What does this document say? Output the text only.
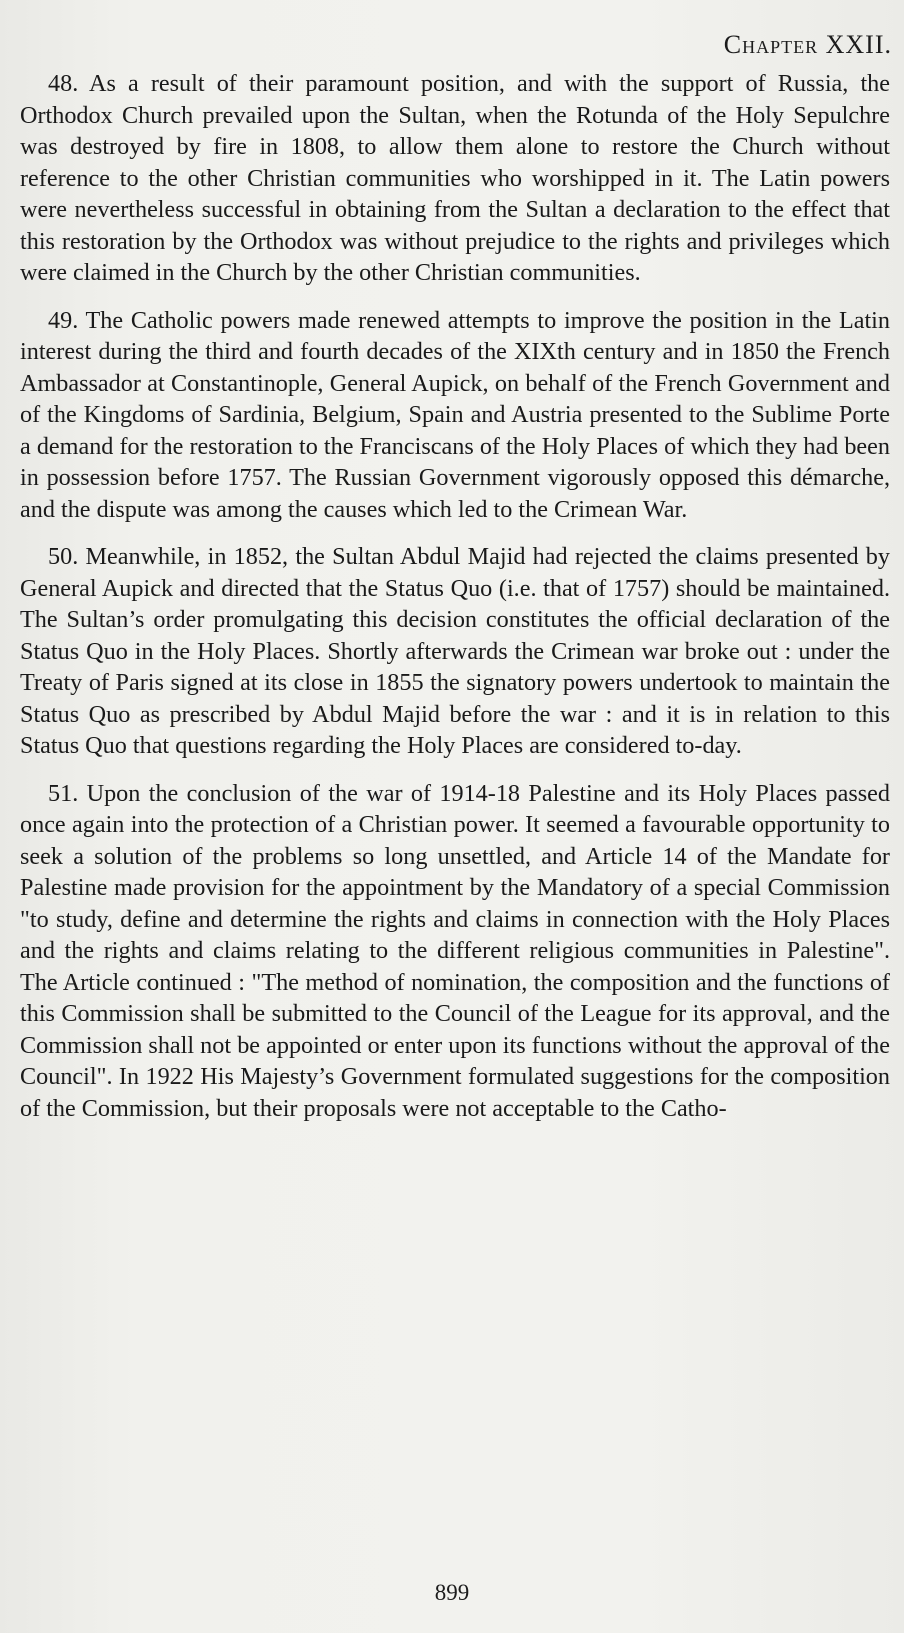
Chapter XXII.

48. As a result of their paramount position, and with the support of Russia, the Orthodox Church prevailed upon the Sultan, when the Rotunda of the Holy Sepulchre was destroyed by fire in 1808, to allow them alone to restore the Church without reference to the other Christian communities who worshipped in it. The Latin powers were nevertheless successful in obtaining from the Sultan a declaration to the effect that this restoration by the Orthodox was without prejudice to the rights and privileges which were claimed in the Church by the other Christian communities.

49. The Catholic powers made renewed attempts to improve the position in the Latin interest during the third and fourth decades of the XIXth century and in 1850 the French Ambassador at Constantinople, General Aupick, on behalf of the French Government and of the Kingdoms of Sardinia, Belgium, Spain and Austria presented to the Sublime Porte a demand for the restoration to the Franciscans of the Holy Places of which they had been in possession before 1757. The Russian Government vigorously opposed this démarche, and the dispute was among the causes which led to the Crimean War.

50. Meanwhile, in 1852, the Sultan Abdul Majid had rejected the claims presented by General Aupick and directed that the Status Quo (i.e. that of 1757) should be maintained. The Sultan’s order promulgating this decision constitutes the official declaration of the Status Quo in the Holy Places. Shortly afterwards the Crimean war broke out : under the Treaty of Paris signed at its close in 1855 the signatory powers undertook to maintain the Status Quo as prescribed by Abdul Majid before the war : and it is in relation to this Status Quo that questions regarding the Holy Places are considered to-day.

51. Upon the conclusion of the war of 1914-18 Palestine and its Holy Places passed once again into the protection of a Christian power. It seemed a favourable opportunity to seek a solution of the problems so long unsettled, and Article 14 of the Mandate for Palestine made provision for the appointment by the Mandatory of a special Commission "to study, define and determine the rights and claims in connection with the Holy Places and the rights and claims relating to the different religious communities in Palestine". The Article continued : "The method of nomination, the composition and the functions of this Commission shall be submitted to the Council of the League for its approval, and the Commission shall not be appointed or enter upon its functions without the approval of the Council". In 1922 His Majesty’s Government formulated suggestions for the composition of the Commission, but their proposals were not acceptable to the Catho-

899
